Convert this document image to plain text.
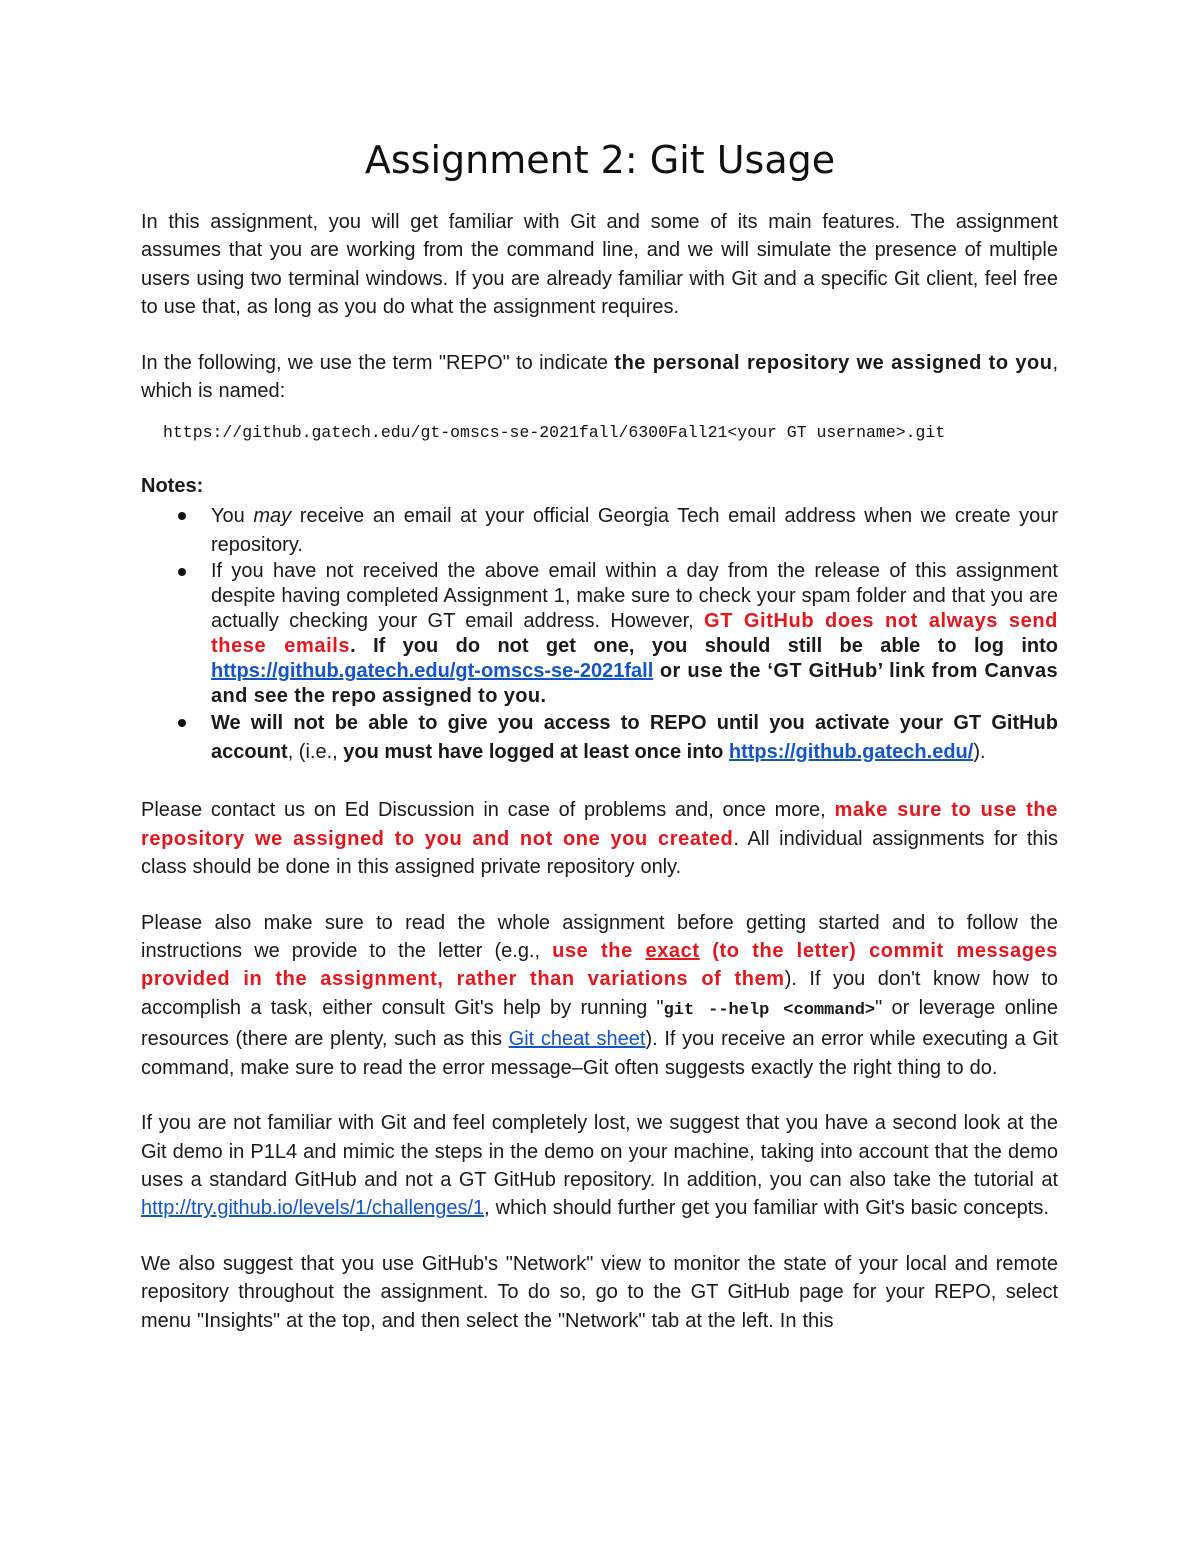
Assignment 2: Git Usage

In this assignment, you will get familiar with Git and some of its main features. The assignment assumes that you are working from the command line, and we will simulate the presence of multiple users using two terminal windows. If you are already familiar with Git and a specific Git client, feel free to use that, as long as you do what the assignment requires.

In the following, we use the term "REPO" to indicate the personal repository we assigned to you, which is named:

https://github.gatech.edu/gt-omscs-se-2021fall/6300Fall21<your GT username>.git
Notes:
You may receive an email at your official Georgia Tech email address when we create your repository.
If you have not received the above email within a day from the release of this assignment despite having completed Assignment 1, make sure to check your spam folder and that you are actually checking your GT email address. However, GT GitHub does not always send these emails. If you do not get one, you should still be able to log into https://github.gatech.edu/gt-omscs-se-2021fall or use the ‘GT GitHub’ link from Canvas and see the repo assigned to you.
We will not be able to give you access to REPO until you activate your GT GitHub account, (i.e., you must have logged at least once into https://github.gatech.edu/).

Please contact us on Ed Discussion in case of problems and, once more, make sure to use the repository we assigned to you and not one you created. All individual assignments for this class should be done in this assigned private repository only.

Please also make sure to read the whole assignment before getting started and to follow the instructions we provide to the letter (e.g., use the exact (to the letter) commit messages provided in the assignment, rather than variations of them). If you don't know how to accomplish a task, either consult Git's help by running "git --help <command>" or leverage online resources (there are plenty, such as this Git cheat sheet). If you receive an error while executing a Git command, make sure to read the error message–Git often suggests exactly the right thing to do.

If you are not familiar with Git and feel completely lost, we suggest that you have a second look at the Git demo in P1L4 and mimic the steps in the demo on your machine, taking into account that the demo uses a standard GitHub and not a GT GitHub repository. In addition, you can also take the tutorial at http://try.github.io/levels/1/challenges/1, which should further get you familiar with Git's basic concepts.

We also suggest that you use GitHub's "Network" view to monitor the state of your local and remote repository throughout the assignment. To do so, go to the GT GitHub page for your REPO, select menu "Insights" at the top, and then select the "Network" tab at the left. In this
